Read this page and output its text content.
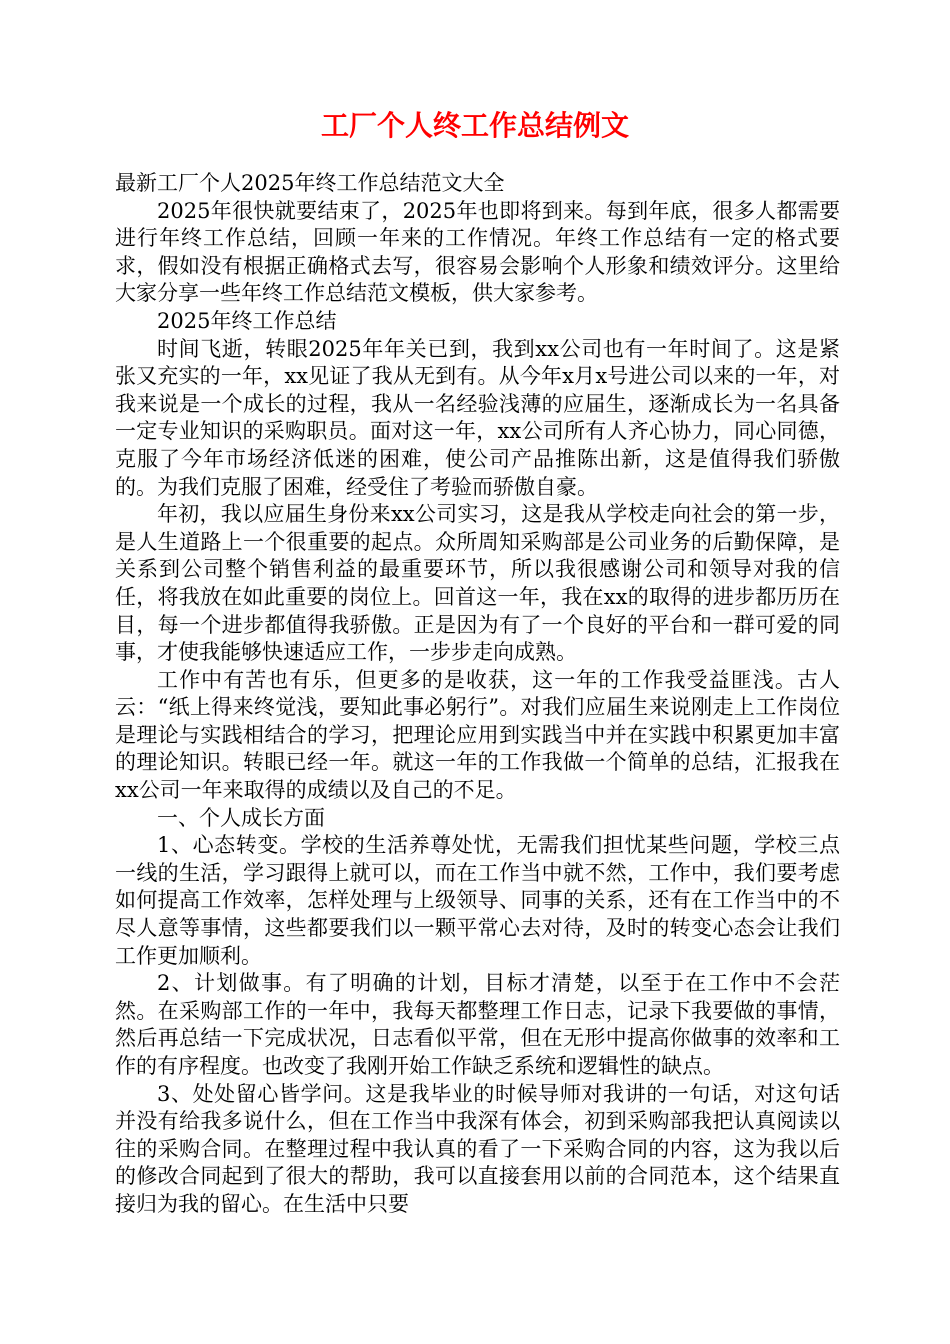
工厂个人终工作总结例文

最新工厂个人2025年终工作总结范文大全

2025年很快就要结束了，2025年也即将到来。每到年底，很多人都需要进行年终工作总结，回顾一年来的工作情况。年终工作总结有一定的格式要求，假如没有根据正确格式去写，很容易会影响个人形象和绩效评分。这里给大家分享一些年终工作总结范文模板，供大家参考。

2025年终工作总结

时间飞逝，转眼2025年年关已到，我到xx公司也有一年时间了。这是紧张又充实的一年，xx见证了我从无到有。从今年x月x号进公司以来的一年，对我来说是一个成长的过程，我从一名经验浅薄的应届生，逐渐成长为一名具备一定专业知识的采购职员。面对这一年，xx公司所有人齐心协力，同心同德，克服了今年市场经济低迷的困难，使公司产品推陈出新，这是值得我们骄傲的。为我们克服了困难，经受住了考验而骄傲自豪。

年初，我以应届生身份来xx公司实习，这是我从学校走向社会的第一步，是人生道路上一个很重要的起点。众所周知采购部是公司业务的后勤保障，是关系到公司整个销售利益的最重要环节，所以我很感谢公司和领导对我的信任，将我放在如此重要的岗位上。回首这一年，我在xx的取得的进步都历历在目，每一个进步都值得我骄傲。正是因为有了一个良好的平台和一群可爱的同事，才使我能够快速适应工作，一步步走向成熟。

工作中有苦也有乐，但更多的是收获，这一年的工作我受益匪浅。古人云：“纸上得来终觉浅，要知此事必躬行”。对我们应届生来说刚走上工作岗位是理论与实践相结合的学习，把理论应用到实践当中并在实践中积累更加丰富的理论知识。转眼已经一年。就这一年的工作我做一个简单的总结，汇报我在xx公司一年来取得的成绩以及自己的不足。

一、个人成长方面

1、心态转变。学校的生活养尊处忧，无需我们担忧某些问题，学校三点一线的生活，学习跟得上就可以，而在工作当中就不然，工作中，我们要考虑如何提高工作效率，怎样处理与上级领导、同事的关系，还有在工作当中的不尽人意等事情，这些都要我们以一颗平常心去对待，及时的转变心态会让我们工作更加顺利。

2、计划做事。有了明确的计划，目标才清楚，以至于在工作中不会茫然。在采购部工作的一年中，我每天都整理工作日志，记录下我要做的事情，然后再总结一下完成状况，日志看似平常，但在无形中提高你做事的效率和工作的有序程度。也改变了我刚开始工作缺乏系统和逻辑性的缺点。

3、处处留心皆学问。这是我毕业的时候导师对我讲的一句话，对这句话并没有给我多说什么，但在工作当中我深有体会，初到采购部我把认真阅读以往的采购合同。在整理过程中我认真的看了一下采购合同的内容，这为我以后的修改合同起到了很大的帮助，我可以直接套用以前的合同范本，这个结果直接归为我的留心。在生活中只要
